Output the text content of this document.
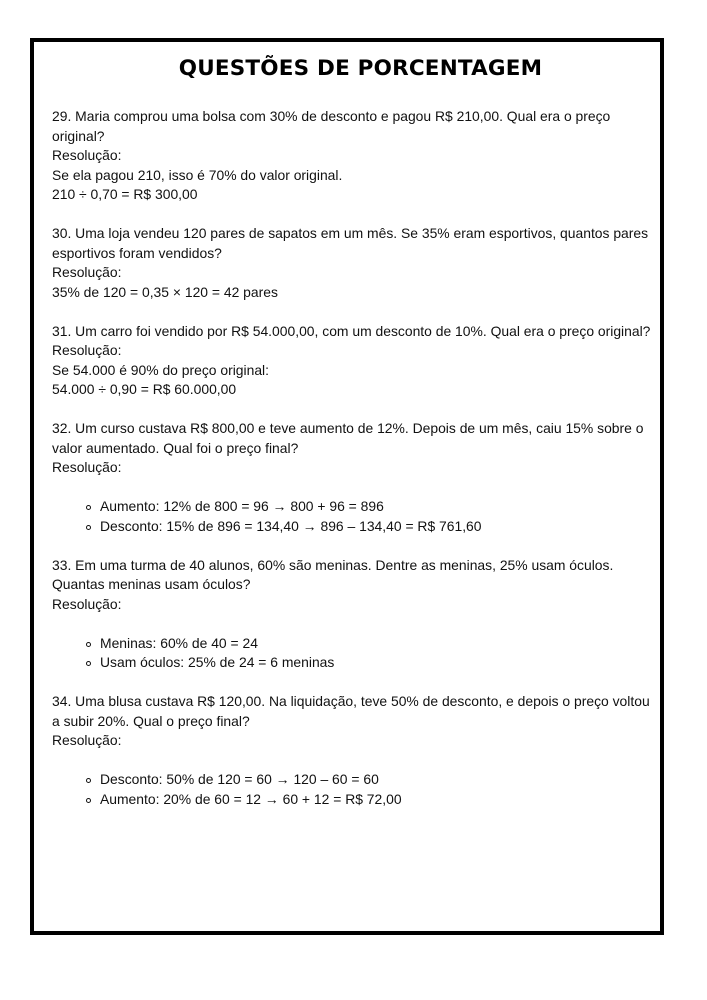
QUESTÕES DE PORCENTAGEM
29. Maria comprou uma bolsa com 30% de desconto e pagou R$ 210,00. Qual era o preço original?
Resolução:
Se ela pagou 210, isso é 70% do valor original.
210 ÷ 0,70 = R$ 300,00
30. Uma loja vendeu 120 pares de sapatos em um mês. Se 35% eram esportivos, quantos pares esportivos foram vendidos?
Resolução:
35% de 120 = 0,35 × 120 = 42 pares
31. Um carro foi vendido por R$ 54.000,00, com um desconto de 10%. Qual era o preço original?
Resolução:
Se 54.000 é 90% do preço original:
54.000 ÷ 0,90 = R$ 60.000,00
32. Um curso custava R$ 800,00 e teve aumento de 12%. Depois de um mês, caiu 15% sobre o valor aumentado. Qual foi o preço final?
Resolução:
Aumento: 12% de 800 = 96 → 800 + 96 = 896
Desconto: 15% de 896 = 134,40 → 896 – 134,40 = R$ 761,60
33. Em uma turma de 40 alunos, 60% são meninas. Dentre as meninas, 25% usam óculos. Quantas meninas usam óculos?
Resolução:
Meninas: 60% de 40 = 24
Usam óculos: 25% de 24 = 6 meninas
34. Uma blusa custava R$ 120,00. Na liquidação, teve 50% de desconto, e depois o preço voltou a subir 20%. Qual o preço final?
Resolução:
Desconto: 50% de 120 = 60 → 120 – 60 = 60
Aumento: 20% de 60 = 12 → 60 + 12 = R$ 72,00
